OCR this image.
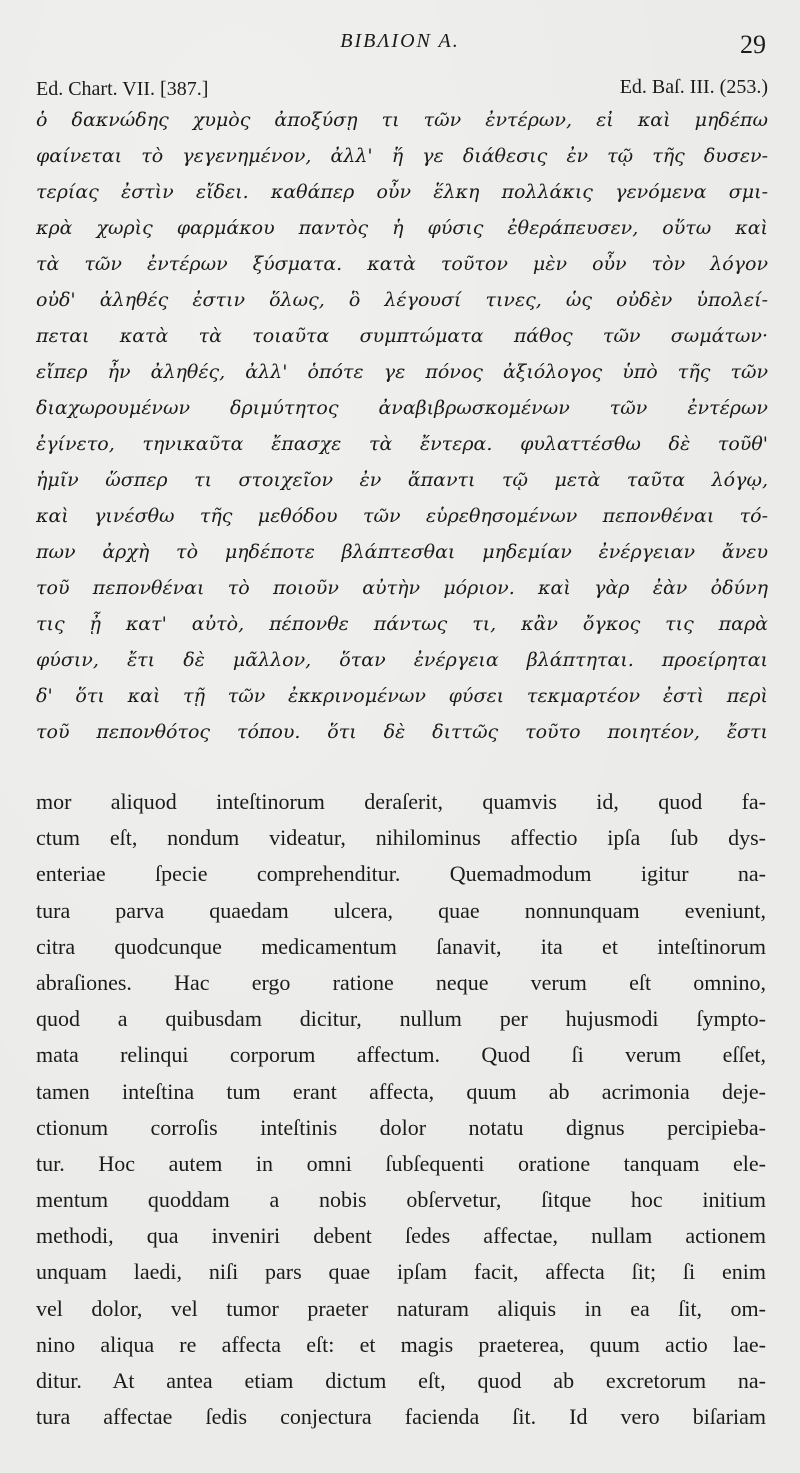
BIBΛΙΟΝ Α.	29
Ed. Chart. VII. [387.]	Ed. Baſ. III. (253.)
ὁ δακνώδης χυμὸς ἀποξύσῃ τι τῶν ἐντέρων, εἰ καὶ μηδέπω
φαίνεται τὸ γεγενημένον, ἀλλ' ἥ γε διάθεσις ἐν τῷ τῆς δυσεν-
τερίας ἐστὶν εἴδει. καθάπερ οὖν ἕλκη πολλάκις γενόμενα σμι-
κρὰ χωρὶς φαρμάκου παντὸς ἡ φύσις ἐθεράπευσεν, οὕτω καὶ
τὰ τῶν ἐντέρων ξύσματα. κατὰ τοῦτον μὲν οὖν τὸν λόγον
οὐδ' ἀληθές ἐστιν ὅλως, ὃ λέγουσί τινες, ὡς οὐδὲν ὑπολεί-
πεται κατὰ τὰ τοιαῦτα συμπτώματα πάθος τῶν σωμάτων·
εἴπερ ἦν ἀληθές, ἀλλ' ὁπότε γε πόνος ἀξιόλογος ὑπὸ τῆς τῶν
διαχωρουμένων δριμύτητος ἀναβιβρωσκομένων τῶν ἐντέρων
ἐγίνετο, τηνικαῦτα ἔπασχε τὰ ἔντερα. φυλαττέσθω δὲ τοῦθ'
ἡμῖν ὥσπερ τι στοιχεῖον ἐν ἅπαντι τῷ μετὰ ταῦτα λόγῳ,
καὶ γινέσθω τῆς μεθόδου τῶν εὑρεθησομένων πεπονθέναι τό-
πων ἀρχὴ τὸ μηδέποτε βλάπτεσθαι μηδεμίαν ἐνέργειαν ἄνευ
τοῦ πεπονθέναι τὸ ποιοῦν αὐτὴν μόριον. καὶ γὰρ ἐὰν ὀδύνη
τις ᾖ κατ' αὐτὸ, πέπονθε πάντως τι, κἂν ὄγκος τις παρὰ
φύσιν, ἔτι δὲ μᾶλλον, ὅταν ἐνέργεια βλάπτηται. προείρηται
δ' ὅτι καὶ τῇ τῶν ἐκκρινομένων φύσει τεκμαρτέον ἐστὶ περὶ
τοῦ πεπονθότος τόπου. ὅτι δὲ διττῶς τοῦτο ποιητέον, ἔστι
mor aliquod inteſtinorum deraſerit, quamvis id, quod fa-
ctum eſt, nondum videatur, nihilominus affectio ipſa ſub dys-
enteriae ſpecie comprehenditur. Quemadmodum igitur na-
tura parva quaedam ulcera, quae nonnunquam eveniunt,
citra quodcunque medicamentum ſanavit, ita et inteſtinorum
abraſiones. Hac ergo ratione neque verum eſt omnino,
quod a quibusdam dicitur, nullum per hujusmodi ſympto-
mata relinqui corporum affectum. Quod ſi verum eſſet,
tamen inteſtina tum erant affecta, quum ab acrimonia deje-
ctionum corroſis inteſtinis dolor notatu dignus percipieba-
tur. Hoc autem in omni ſubſequenti oratione tanquam ele-
mentum quoddam a nobis obſervetur, ſitque hoc initium
methodi, qua inveniri debent ſedes affectae, nullam actionem
unquam laedi, niſi pars quae ipſam facit, affecta ſit; ſi enim
vel dolor, vel tumor praeter naturam aliquis in ea ſit, om-
nino aliqua re affecta eſt: et magis praeterea, quum actio lae-
ditur. At antea etiam dictum eſt, quod ab excretorum na-
tura affectae ſedis conjectura facienda ſit. Id vero biſariam
